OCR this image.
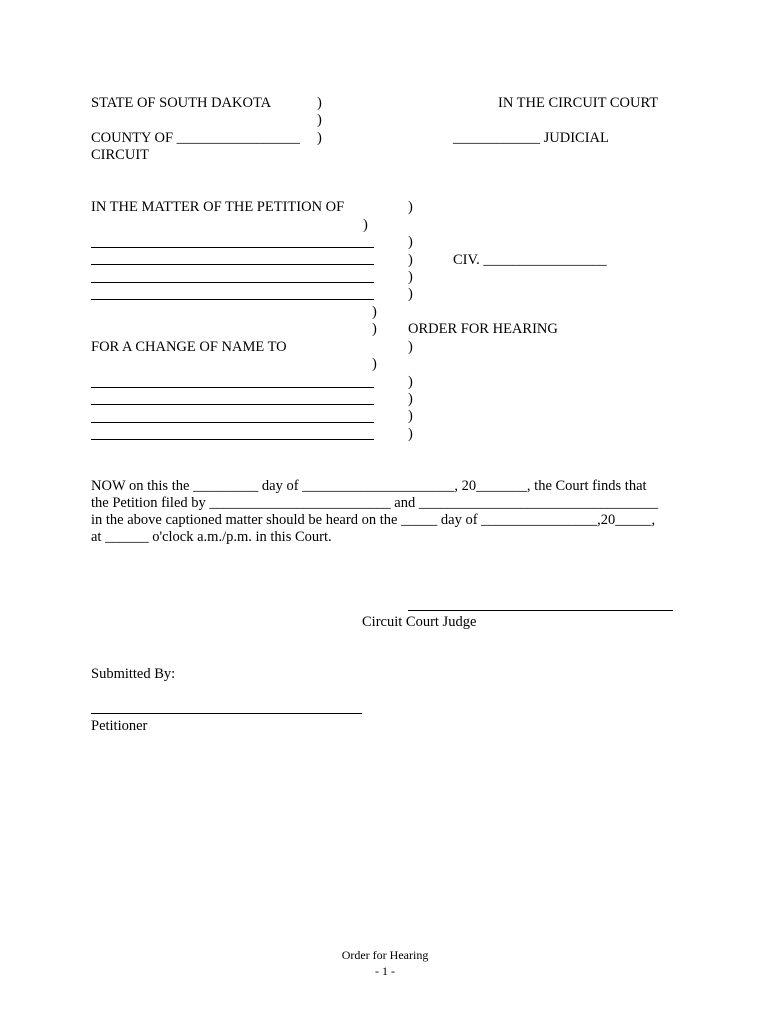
STATE OF SOUTH DAKOTA	)	IN THE CIRCUIT COURT
)
COUNTY OF _________________ )	____________ JUDICIAL
CIRCUIT
IN THE MATTER OF THE PETITION OF	)
)
)
)	CIV. _________________
)
)
)
) ORDER FOR HEARING
FOR A CHANGE OF NAME TO	)
)
)
)
)
)
NOW on this the _________ day of _____________________, 20_______, the Court finds that
the Petition filed by _________________________ and _________________________________
in the above captioned matter should be heard on the _____ day of ________________,20_____,
at ______ o'clock a.m./p.m. in this Court.
Circuit Court Judge
Submitted By:
Petitioner
Order for Hearing
- 1 -
